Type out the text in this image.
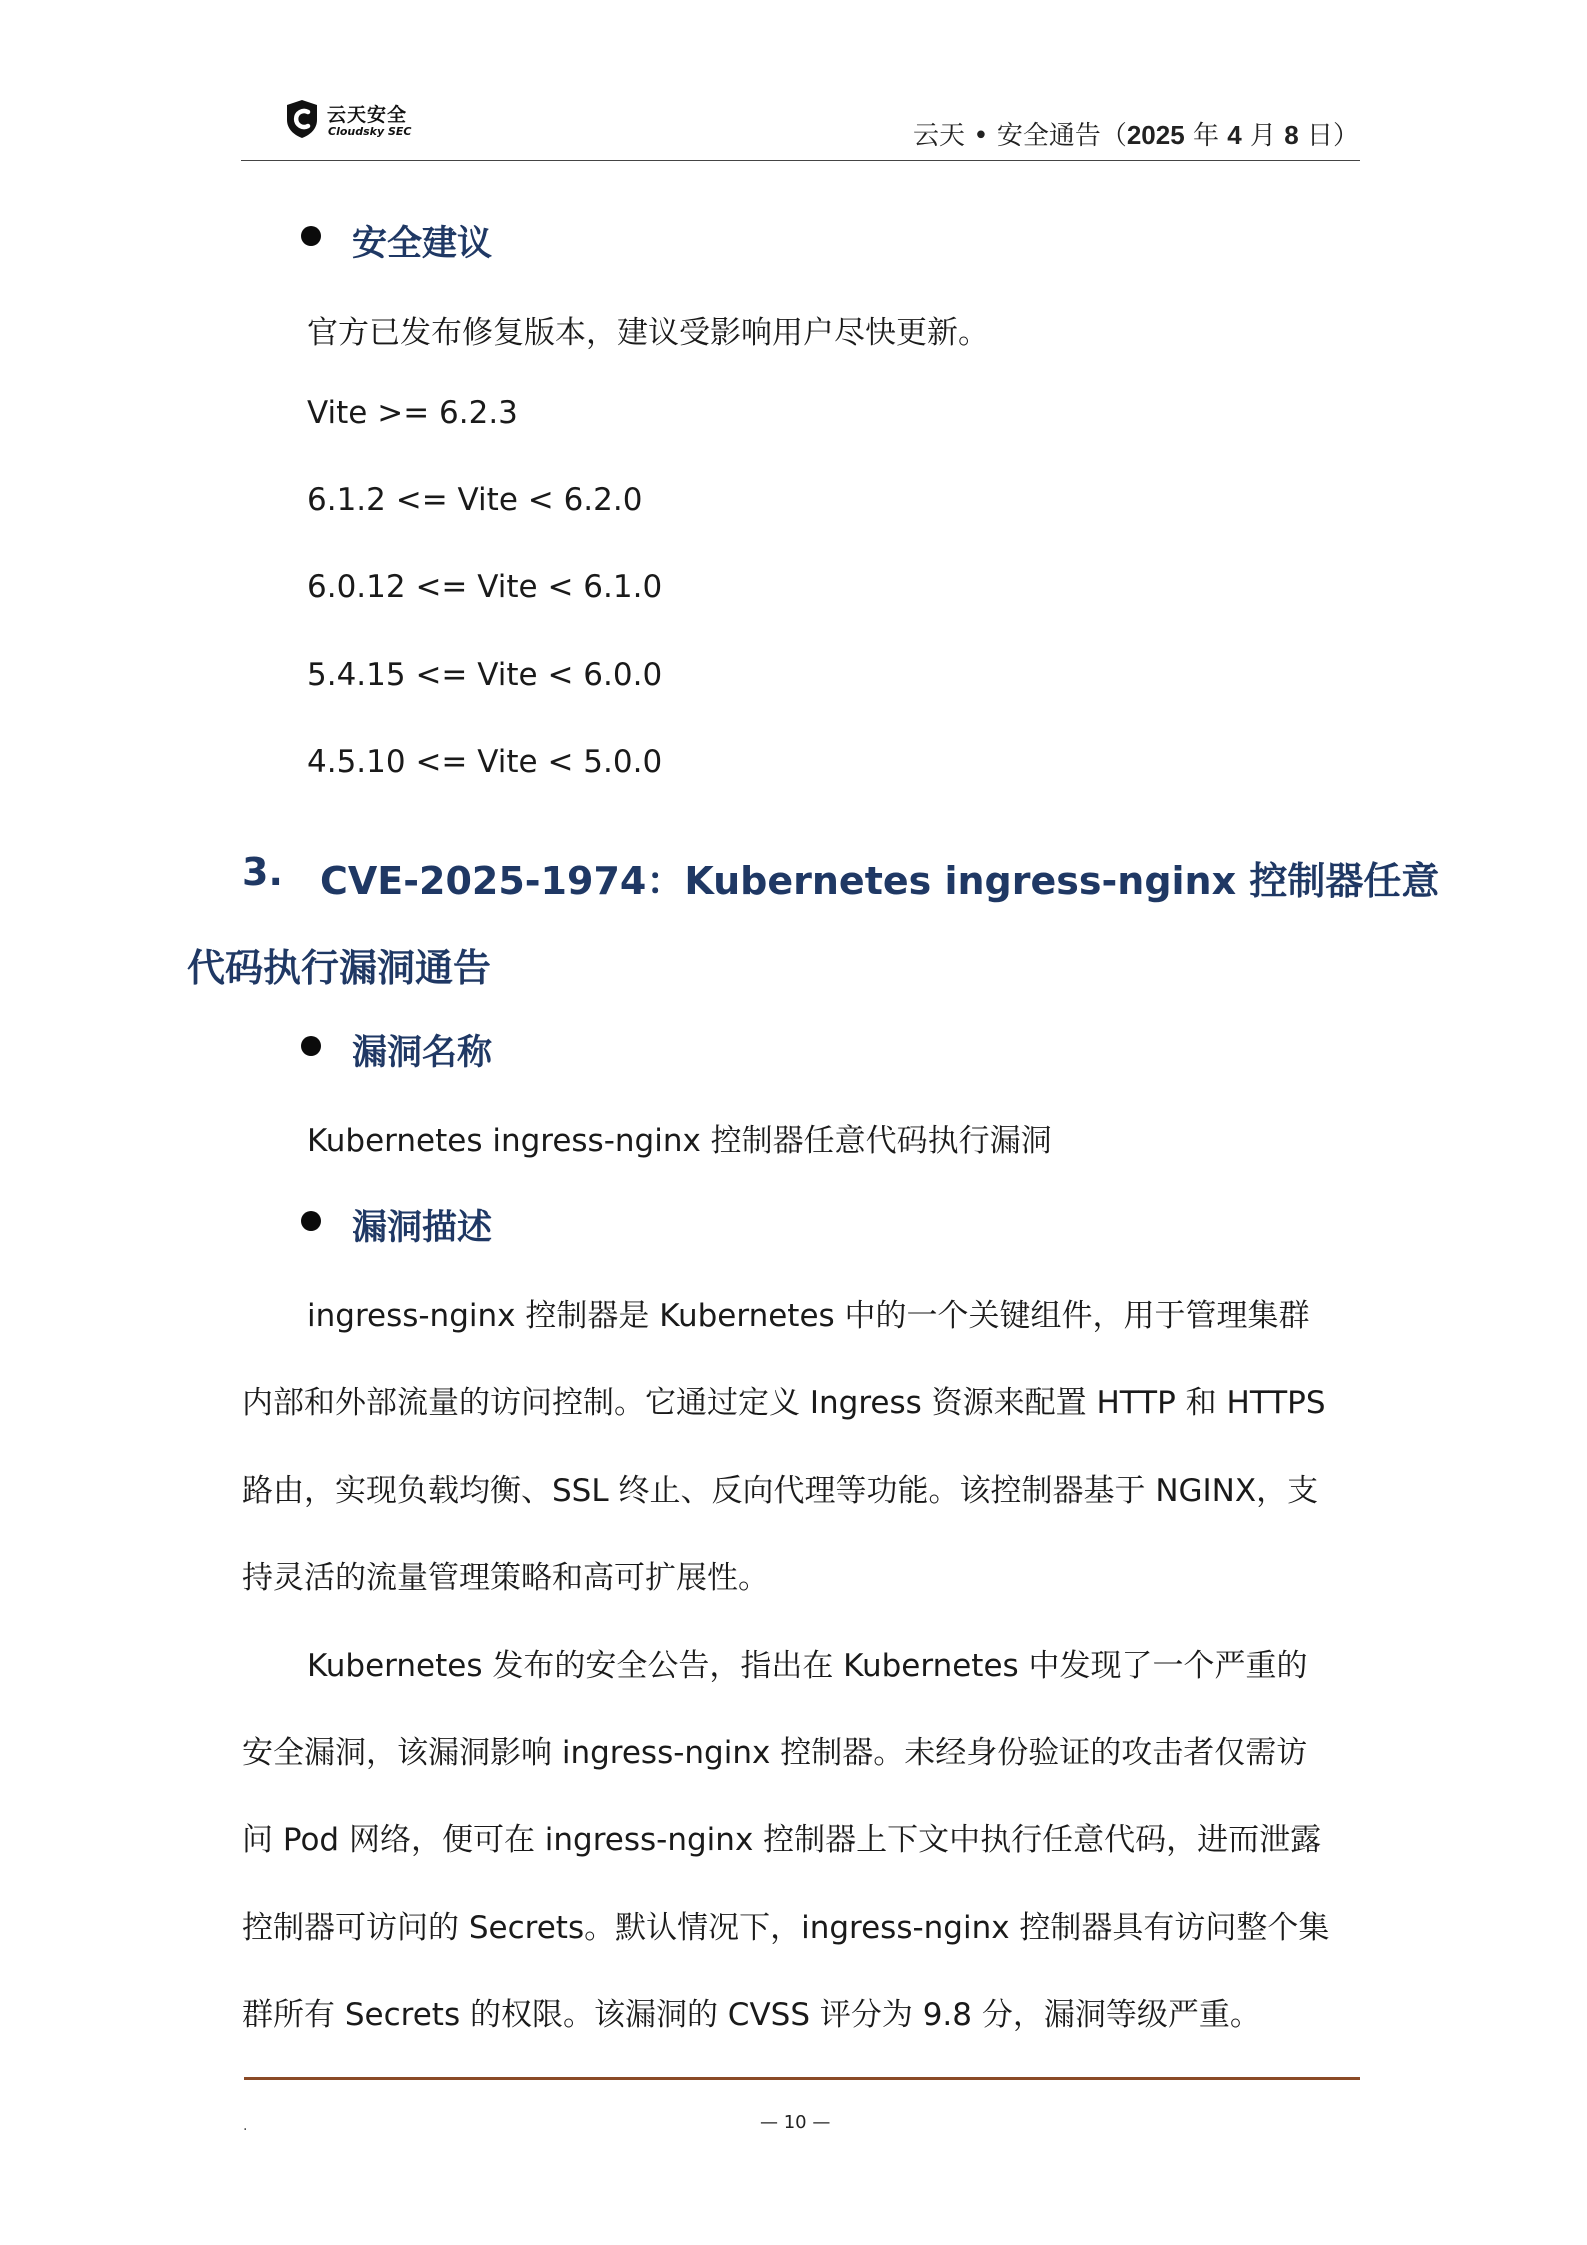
云天安全
Cloudsky SEC	云天 • 安全通告（2025 年 4 月 8 日）
安全建议
官方已发布修复版本，建议受影响用户尽快更新。
Vite >= 6.2.3
6.1.2 <= Vite < 6.2.0
6.0.12 <= Vite < 6.1.0
5.4.15 <= Vite < 6.0.0
4.5.10 <= Vite < 5.0.0
3. CVE-2025-1974：Kubernetes ingress-nginx 控制器任意
代码执行漏洞通告
漏洞名称
Kubernetes ingress-nginx 控制器任意代码执行漏洞
漏洞描述
ingress-nginx 控制器是 Kubernetes 中的一个关键组件，用于管理集群
内部和外部流量的访问控制。它通过定义 Ingress 资源来配置 HTTP 和 HTTPS
路由，实现负载均衡、SSL 终止、反向代理等功能。该控制器基于 NGINX，支
持灵活的流量管理策略和高可扩展性。
Kubernetes 发布的安全公告，指出在 Kubernetes 中发现了一个严重的
安全漏洞，该漏洞影响 ingress-nginx 控制器。未经身份验证的攻击者仅需访
问 Pod 网络，便可在 ingress-nginx 控制器上下文中执行任意代码，进而泄露
控制器可访问的 Secrets。默认情况下，ingress-nginx 控制器具有访问整个集
群所有 Secrets 的权限。该漏洞的 CVSS 评分为 9.8 分，漏洞等级严重。
.	— 10 —
